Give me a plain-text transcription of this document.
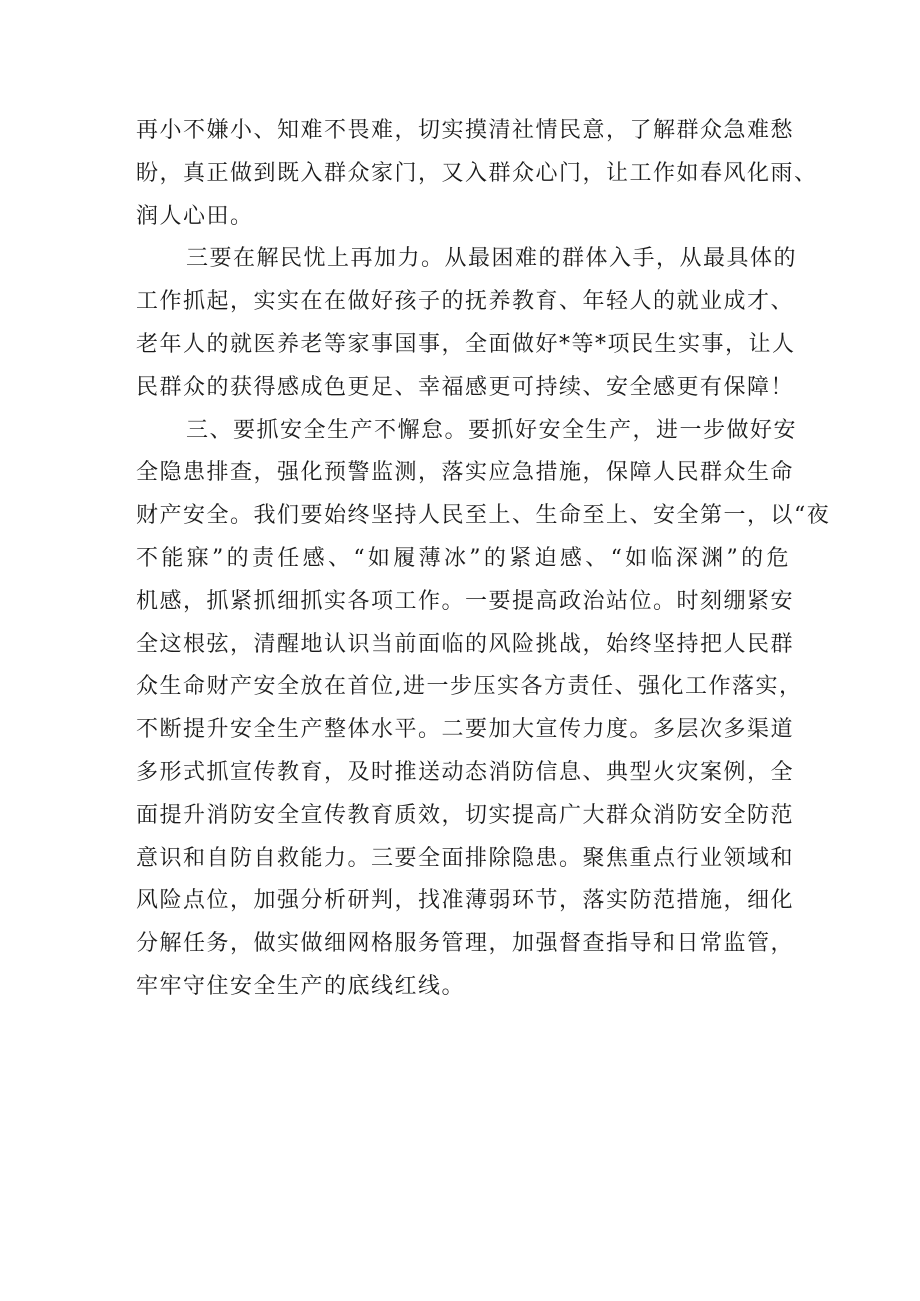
再小不嫌小、知难不畏难，切实摸清社情民意，了解群众急难愁
盼，真正做到既入群众家门，又入群众心门，让工作如春风化雨、
润人心田。
三要在解民忧上再加力。从最困难的群体入手，从最具体的
工作抓起，实实在在做好孩子的抚养教育、年轻人的就业成才、
老年人的就医养老等家事国事，全面做好*等*项民生实事，让人
民群众的获得感成色更足、幸福感更可持续、安全感更有保障！
三、要抓安全生产不懈怠。要抓好安全生产，进一步做好安
全隐患排查，强化预警监测，落实应急措施，保障人民群众生命
财产安全。我们要始终坚持人民至上、生命至上、安全第一，以“夜
不能寐”的责任感、“如履薄冰”的紧迫感、“如临深渊”的危
机感，抓紧抓细抓实各项工作。一要提高政治站位。时刻绷紧安
全这根弦，清醒地认识当前面临的风险挑战，始终坚持把人民群
众生命财产安全放在首位,进一步压实各方责任、强化工作落实，
不断提升安全生产整体水平。二要加大宣传力度。多层次多渠道
多形式抓宣传教育，及时推送动态消防信息、典型火灾案例，全
面提升消防安全宣传教育质效，切实提高广大群众消防安全防范
意识和自防自救能力。三要全面排除隐患。聚焦重点行业领域和
风险点位，加强分析研判，找准薄弱环节，落实防范措施，细化
分解任务，做实做细网格服务管理，加强督查指导和日常监管，
牢牢守住安全生产的底线红线。
